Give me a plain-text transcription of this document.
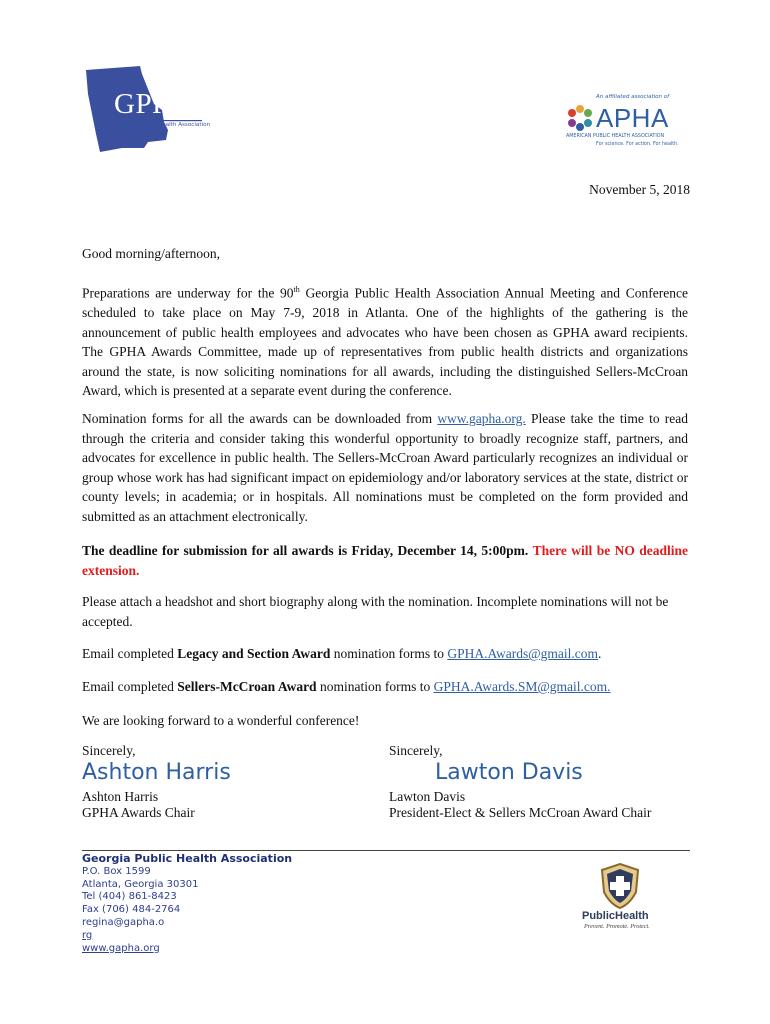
GPHA
Georgia Public Health Association
An affiliated association of
APHA
AMERICAN PUBLIC HEALTH ASSOCIATION
For science. For action. For health.
November 5, 2018
Good morning/afternoon,
Preparations are underway for the 90th Georgia Public Health Association Annual Meeting and Conference scheduled to take place on May 7-9, 2018 in Atlanta. One of the highlights of the gathering is the announcement of public health employees and advocates who have been chosen as GPHA award recipients. The GPHA Awards Committee, made up of representatives from public health districts and organizations around the state, is now soliciting nominations for all awards, including the distinguished Sellers-McCroan Award, which is presented at a separate event during the conference.
Nomination forms for all the awards can be downloaded from www.gapha.org. Please take the time to read through the criteria and consider taking this wonderful opportunity to broadly recognize staff, partners, and advocates for excellence in public health. The Sellers-McCroan Award particularly recognizes an individual or group whose work has had significant impact on epidemiology and/or laboratory services at the state, district or county levels; in academia; or in hospitals. All nominations must be completed on the form provided and submitted as an attachment electronically.
The deadline for submission for all awards is Friday, December 14, 5:00pm. There will be NO deadline extension.
Please attach a headshot and short biography along with the nomination. Incomplete nominations will not be accepted.
Email completed Legacy and Section Award nomination forms to GPHA.Awards@gmail.com.
Email completed Sellers-McCroan Award nomination forms to GPHA.Awards.SM@gmail.com.
We are looking forward to a wonderful conference!
Sincerely,
Ashton Harris
Ashton Harris
GPHA Awards Chair
Sincerely,
Lawton Davis
Lawton Davis
President-Elect & Sellers McCroan Award Chair
Georgia Public Health Association
P.O. Box 1599
Atlanta, Georgia 30301
Tel (404) 861-8423
Fax (706) 484-2764
regina@gapha.o
rg
www.gapha.org
PublicHealth
Prevent. Promote. Protect.
